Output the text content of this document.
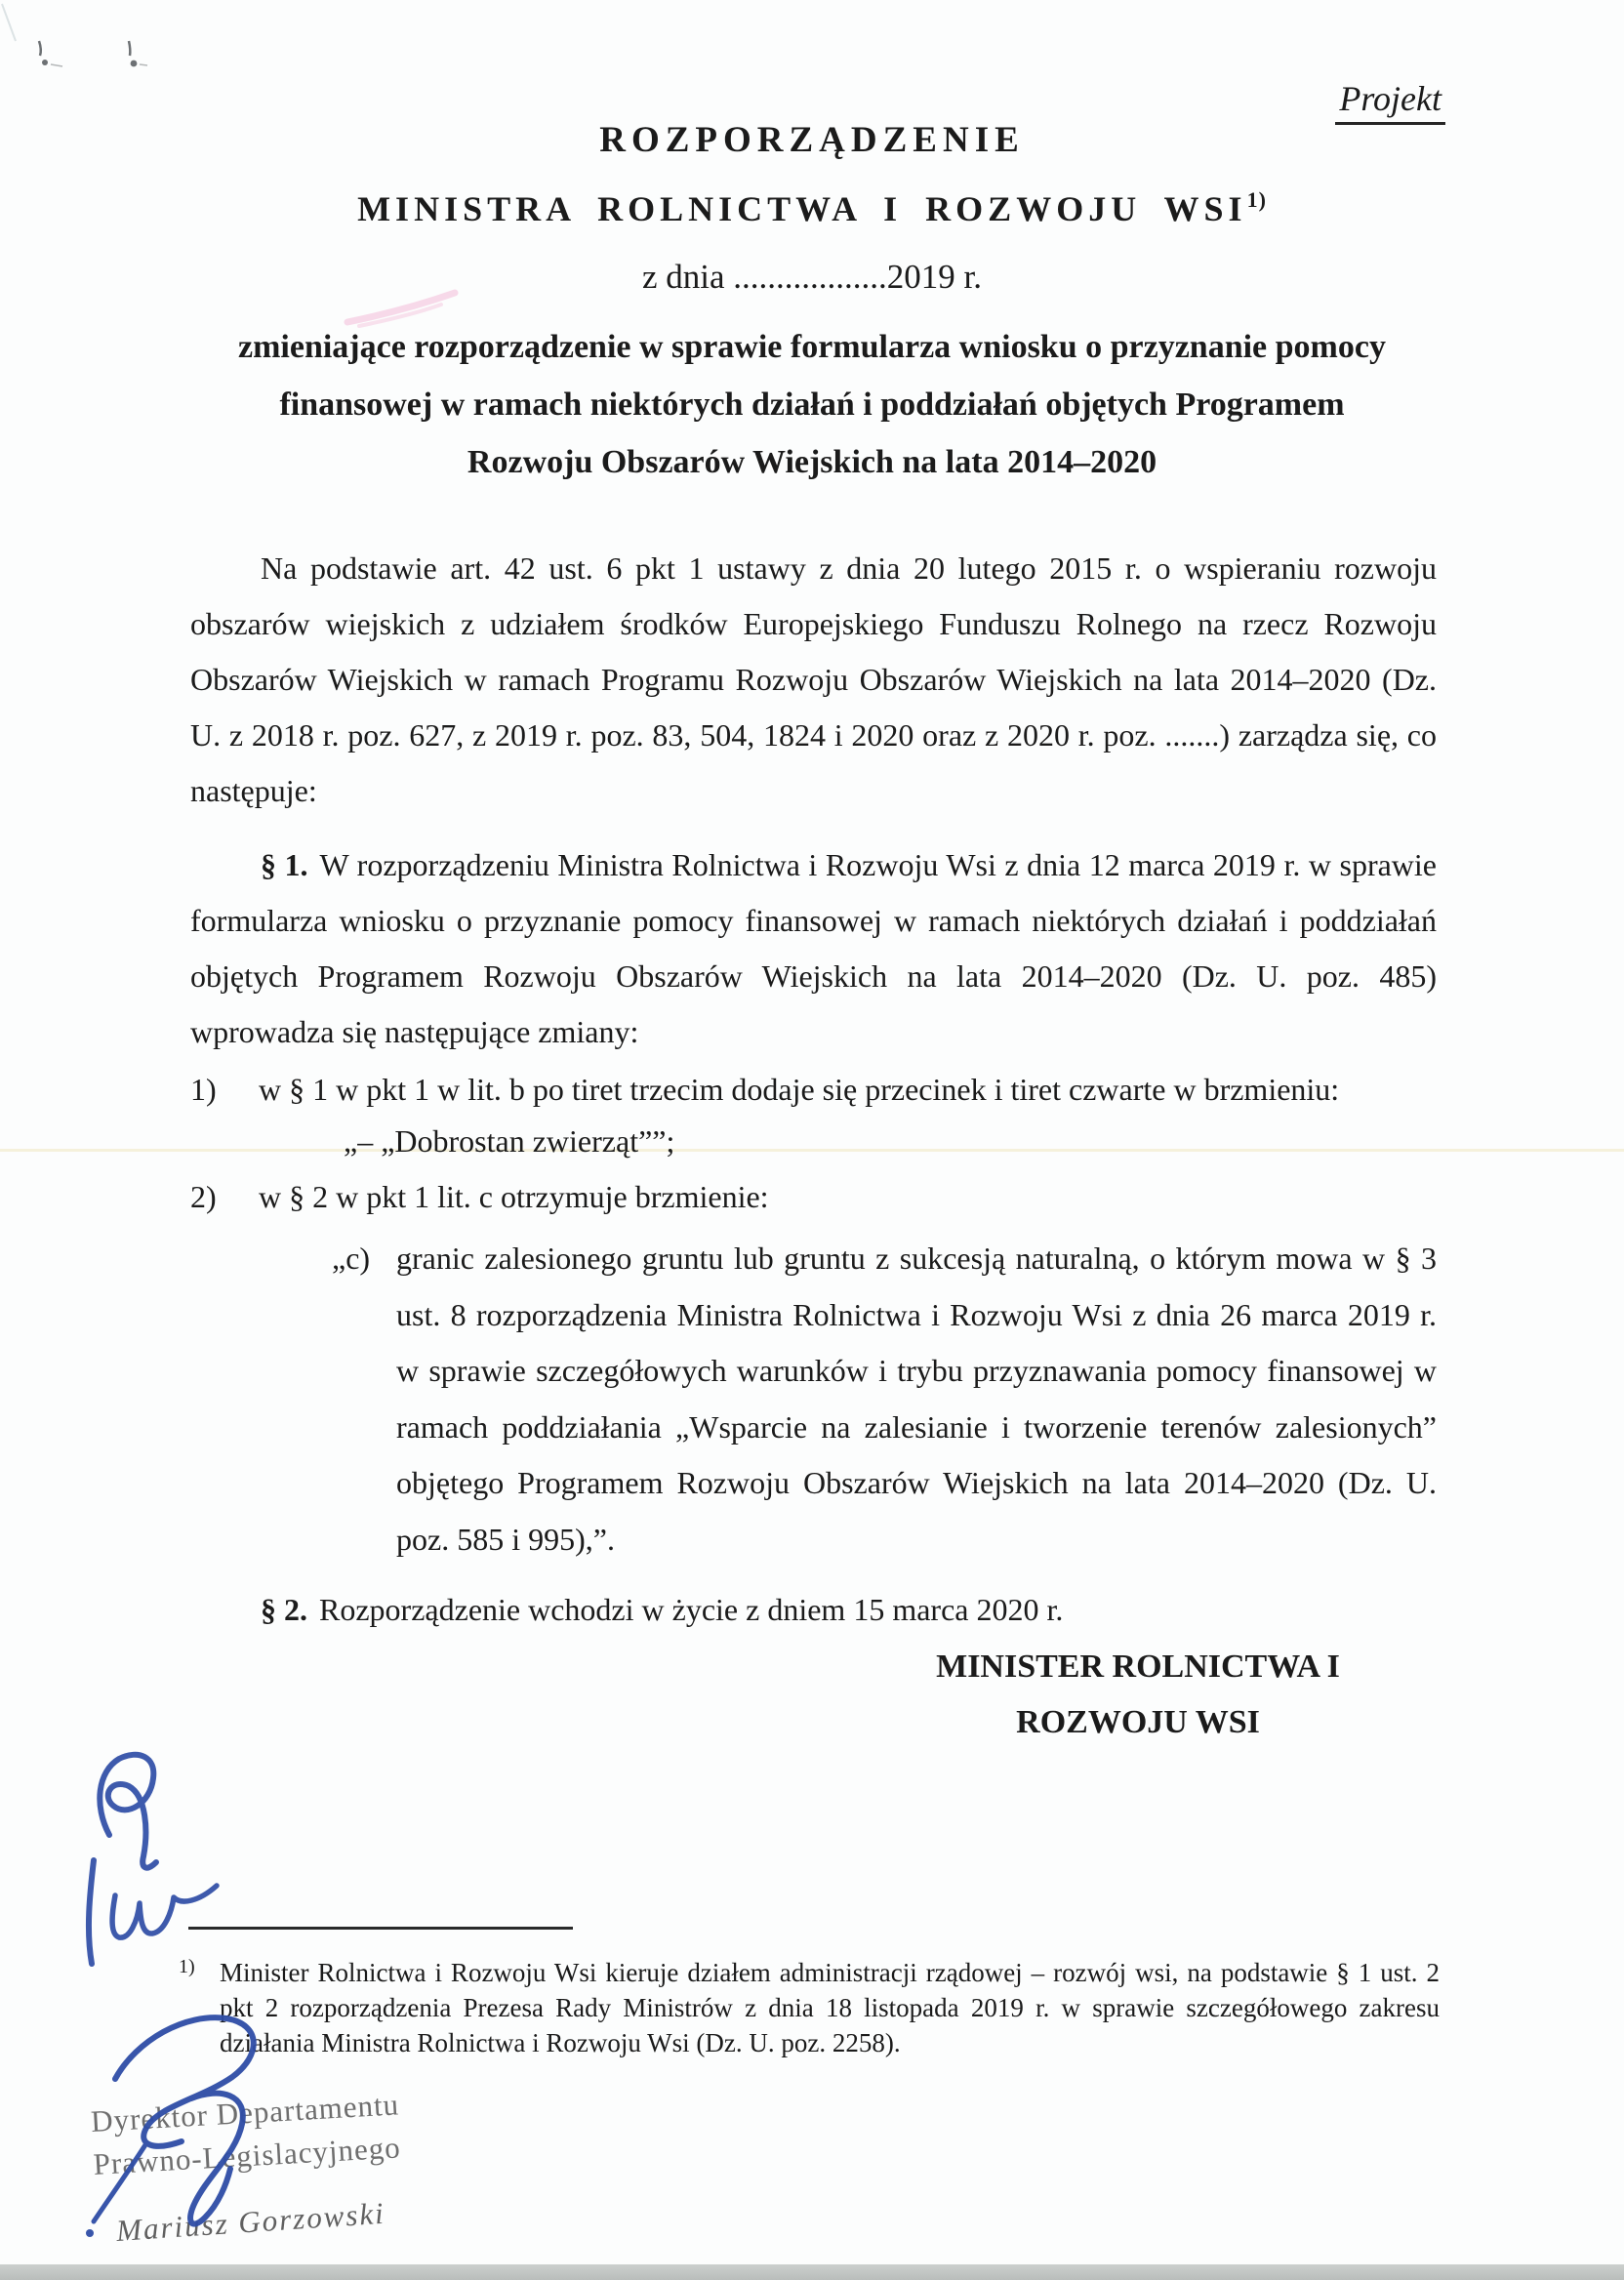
Projekt
ROZPORZĄDZENIE
MINISTRA ROLNICTWA I ROZWOJU WSI$^{1)}$
z dnia ..................2019 r.
zmieniające rozporządzenie w sprawie formularza wniosku o przyznanie pomocy finansowej w ramach niektórych działań i poddziałań objętych Programem Rozwoju Obszarów Wiejskich na lata 2014–2020
Na podstawie art. 42 ust. 6 pkt 1 ustawy z dnia 20 lutego 2015 r. o wspieraniu rozwoju obszarów wiejskich z udziałem środków Europejskiego Funduszu Rolnego na rzecz Rozwoju Obszarów Wiejskich w ramach Programu Rozwoju Obszarów Wiejskich na lata 2014–2020 (Dz. U. z 2018 r. poz. 627, z 2019 r. poz. 83, 504, 1824 i 2020 oraz z 2020 r. poz. .......) zarządza się, co następuje:
§ 1. W rozporządzeniu Ministra Rolnictwa i Rozwoju Wsi z dnia 12 marca 2019 r. w sprawie formularza wniosku o przyznanie pomocy finansowej w ramach niektórych działań i poddziałań objętych Programem Rozwoju Obszarów Wiejskich na lata 2014–2020 (Dz. U. poz. 485) wprowadza się następujące zmiany:
1)	w § 1 w pkt 1 w lit. b po tiret trzecim dodaje się przecinek i tiret czwarte w brzmieniu:
„– „Dobrostan zwierząt””;
2)	w § 2 w pkt 1 lit. c otrzymuje brzmienie:
„c) granic zalesionego gruntu lub gruntu z sukcesją naturalną, o którym mowa w § 3 ust. 8 rozporządzenia Ministra Rolnictwa i Rozwoju Wsi z dnia 26 marca 2019 r. w sprawie szczegółowych warunków i trybu przyznawania pomocy finansowej w ramach poddziałania „Wsparcie na zalesianie i tworzenie terenów zalesionych” objętego Programem Rozwoju Obszarów Wiejskich na lata 2014–2020 (Dz. U. poz. 585 i 995),”.
§ 2. Rozporządzenie wchodzi w życie z dniem 15 marca 2020 r.
MINISTER ROLNICTWA I
ROZWOJU WSI
1) Minister Rolnictwa i Rozwoju Wsi kieruje działem administracji rządowej – rozwój wsi, na podstawie § 1 ust. 2 pkt 2 rozporządzenia Prezesa Rady Ministrów z dnia 18 listopada 2019 r. w sprawie szczegółowego zakresu działania Ministra Rolnictwa i Rozwoju Wsi (Dz. U. poz. 2258).
Dyrektor Departamentu
Prawno-Legislacyjnego
Mariusz Gorzowski
